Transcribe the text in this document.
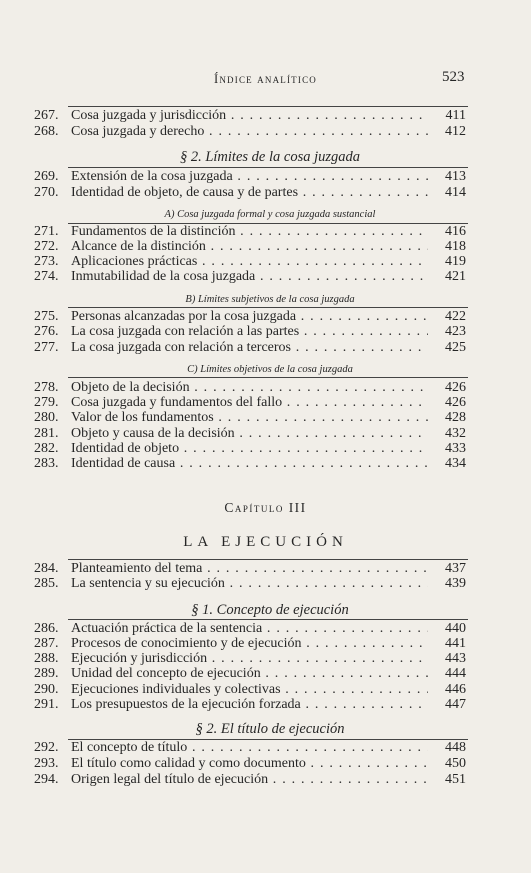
Índice analítico	523
267. Cosa juzgada y jurisdicción . . .	411
268. Cosa juzgada y derecho . . .	412
§ 2. Límites de la cosa juzgada
269. Extensión de la cosa juzgada . . .	413
270. Identidad de objeto, de causa y de partes . . .	414
A) Cosa juzgada formal y cosa juzgada sustancial
271. Fundamentos de la distinción . . .	416
272. Alcance de la distinción . . .	418
273. Aplicaciones prácticas . . .	419
274. Inmutabilidad de la cosa juzgada . . .	421
B) Límites subjetivos de la cosa juzgada
275. Personas alcanzadas por la cosa juzgada . . .	422
276. La cosa juzgada con relación a las partes . . .	423
277. La cosa juzgada con relación a terceros . . .	425
C) Límites objetivos de la cosa juzgada
278. Objeto de la decisión . . .	426
279. Cosa juzgada y fundamentos del fallo . . .	426
280. Valor de los fundamentos . . .	428
281. Objeto y causa de la decisión . . .	432
282. Identidad de objeto . . .	433
283. Identidad de causa . . .	434
Capítulo III
LA EJECUCIÓN
284. Planteamiento del tema . . .	437
285. La sentencia y su ejecución . . .	439
§ 1. Concepto de ejecución
286. Actuación práctica de la sentencia . . .	440
287. Procesos de conocimiento y de ejecución . . .	441
288. Ejecución y jurisdicción . . .	443
289. Unidad del concepto de ejecución . . .	444
290. Ejecuciones individuales y colectivas . . .	446
291. Los presupuestos de la ejecución forzada . . .	447
§ 2. El título de ejecución
292. El concepto de título . . .	448
293. El título como calidad y como documento . . .	450
294. Origen legal del título de ejecución . . .	451
